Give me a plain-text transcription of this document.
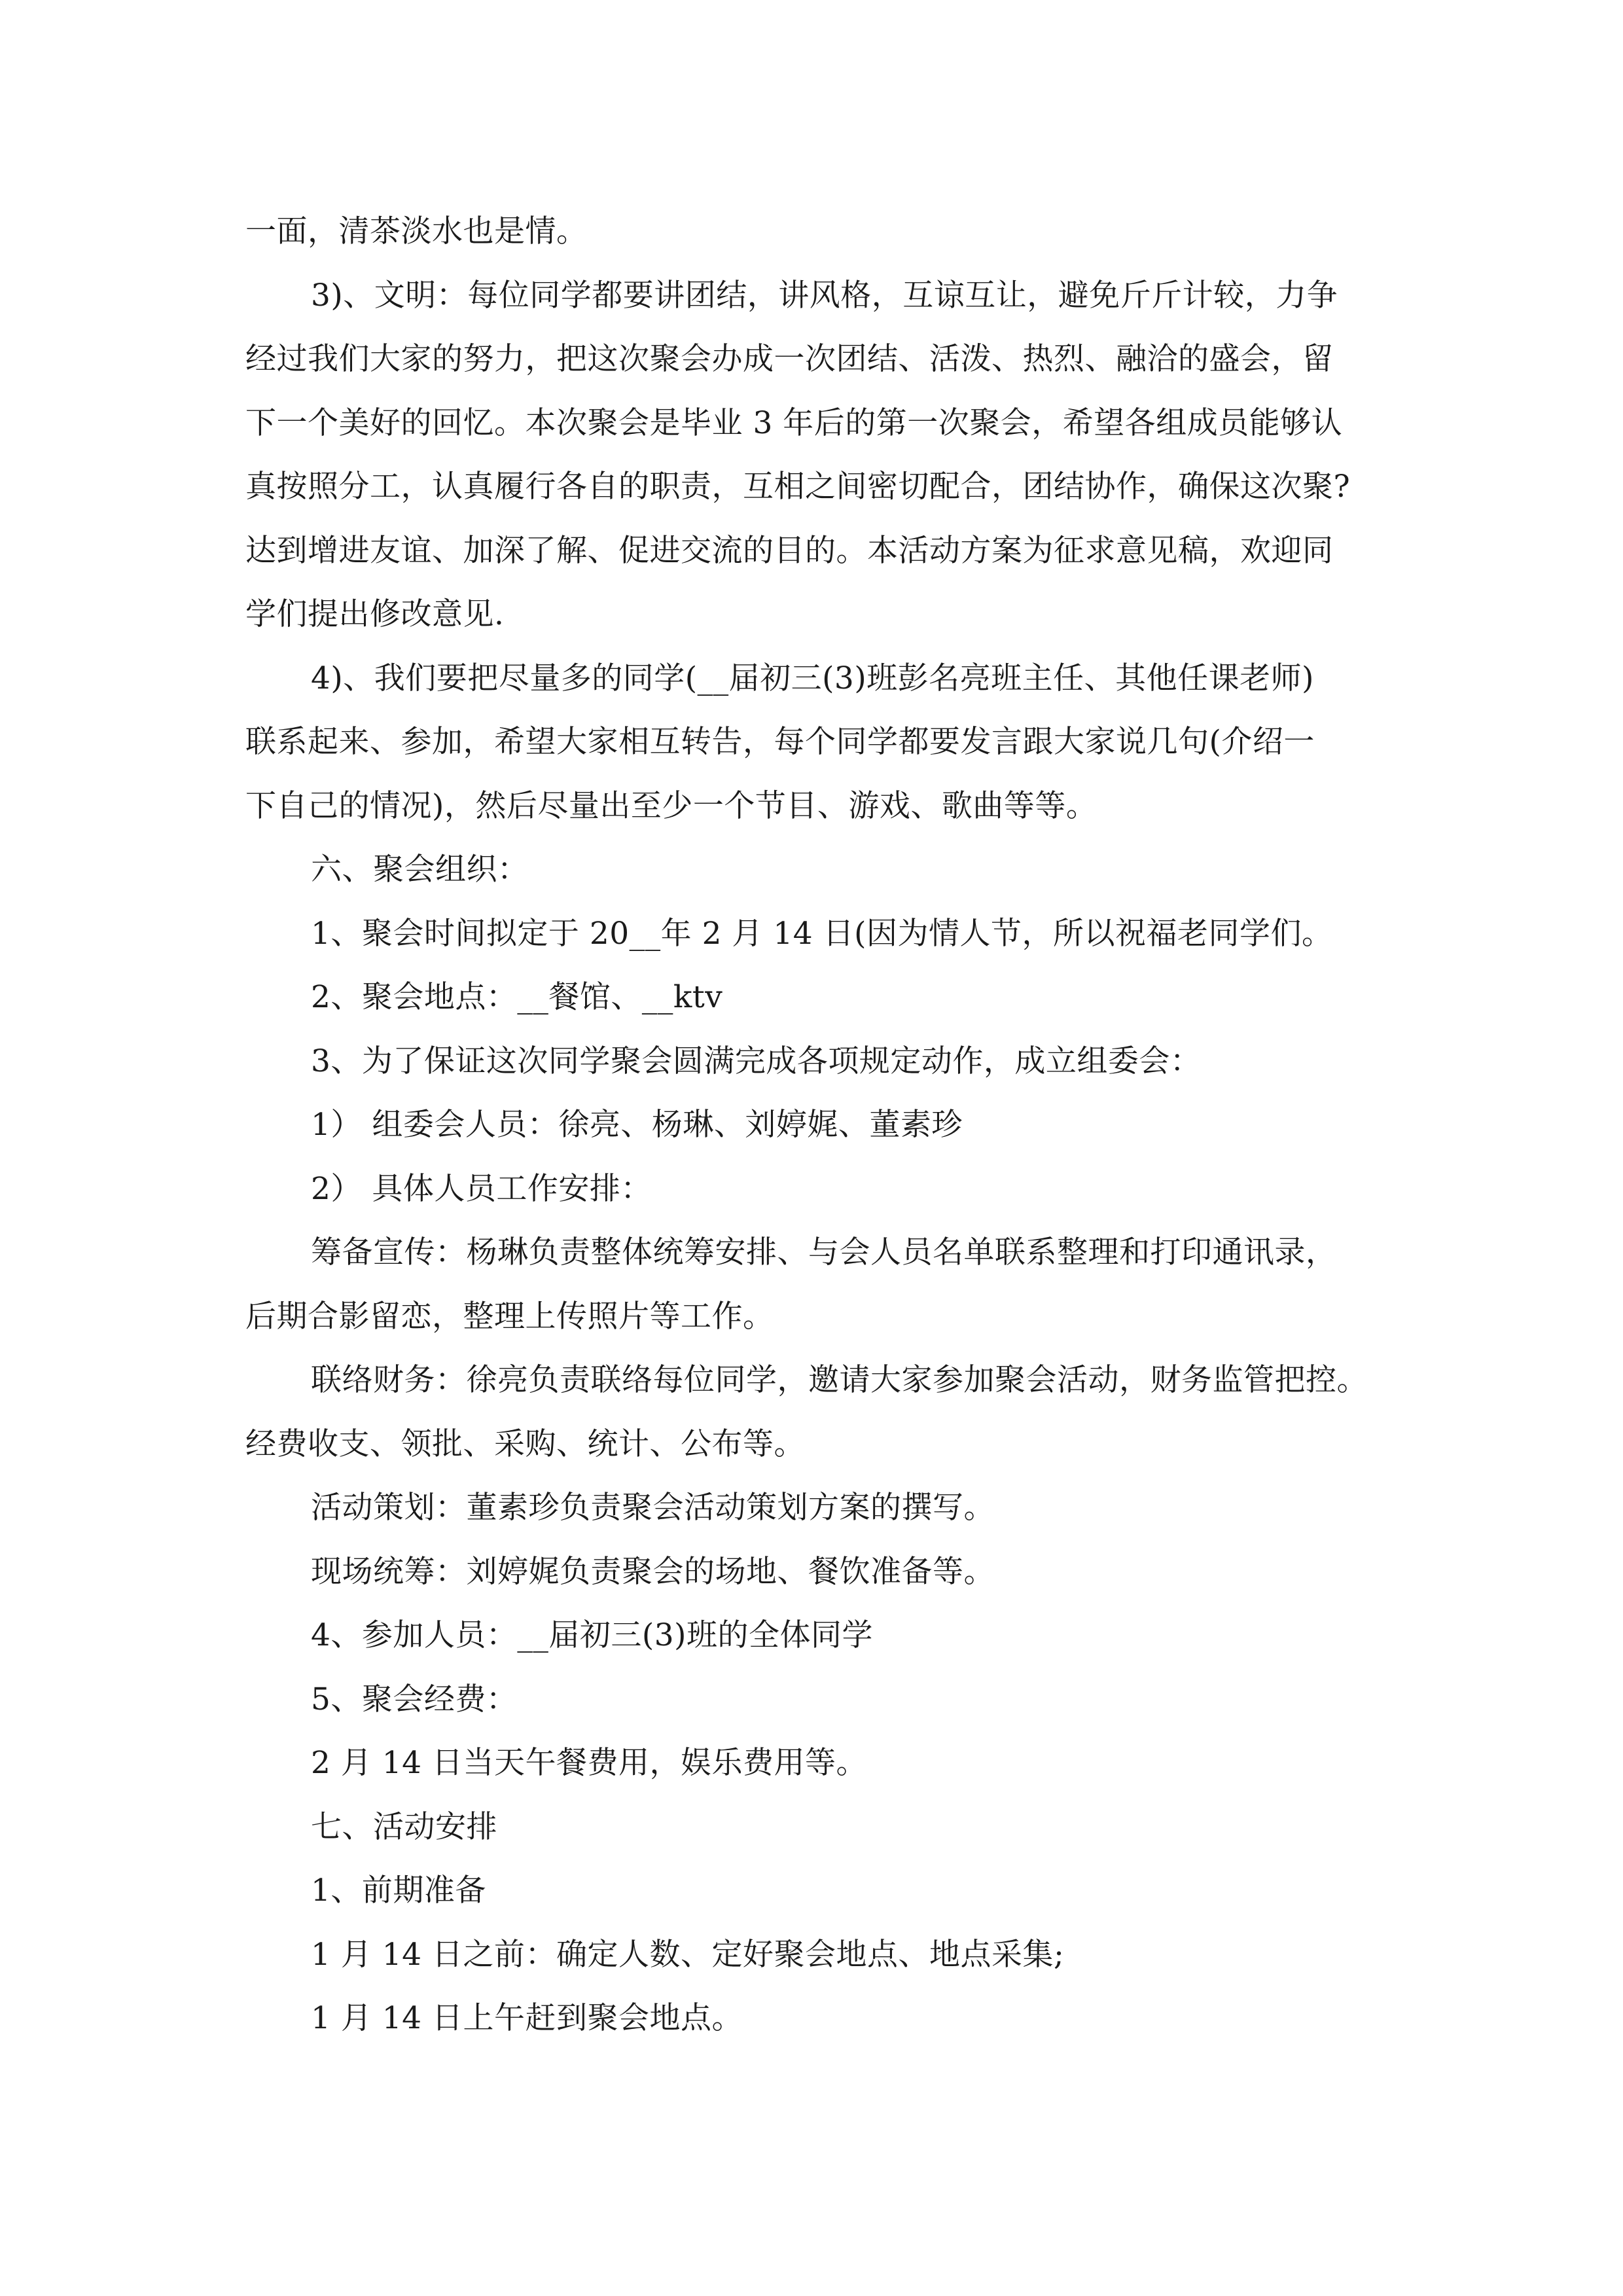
一面，清茶淡水也是情。

3)、文明：每位同学都要讲团结，讲风格，互谅互让，避免斤斤计较，力争
经过我们大家的努力，把这次聚会办成一次团结、活泼、热烈、融洽的盛会，留
下一个美好的回忆。本次聚会是毕业 3 年后的第一次聚会，希望各组成员能够认
真按照分工，认真履行各自的职责，互相之间密切配合，团结协作，确保这次聚?
达到增进友谊、加深了解、促进交流的目的。本活动方案为征求意见稿，欢迎同
学们提出修改意见.

4)、我们要把尽量多的同学(__届初三(3)班彭名亮班主任、其他任课老师)
联系起来、参加，希望大家相互转告，每个同学都要发言跟大家说几句(介绍一
下自己的情况)，然后尽量出至少一个节目、游戏、歌曲等等。

六、聚会组织：

1、聚会时间拟定于 20__年 2 月 14 日(因为情人节，所以祝福老同学们。

2、聚会地点：__餐馆、__ktv

3、为了保证这次同学聚会圆满完成各项规定动作，成立组委会：

1） 组委会人员：徐亮、杨琳、刘婷娓、董素珍

2） 具体人员工作安排：

筹备宣传：杨琳负责整体统筹安排、与会人员名单联系整理和打印通讯录，
后期合影留恋，整理上传照片等工作。

联络财务：徐亮负责联络每位同学，邀请大家参加聚会活动，财务监管把控。
经费收支、领批、采购、统计、公布等。

活动策划：董素珍负责聚会活动策划方案的撰写。

现场统筹：刘婷娓负责聚会的场地、餐饮准备等。

4、参加人员：__届初三(3)班的全体同学

5、聚会经费：

2 月 14 日当天午餐费用，娱乐费用等。

七、活动安排

1、前期准备

1 月 14 日之前：确定人数、定好聚会地点、地点采集;

1 月 14 日上午赶到聚会地点。
